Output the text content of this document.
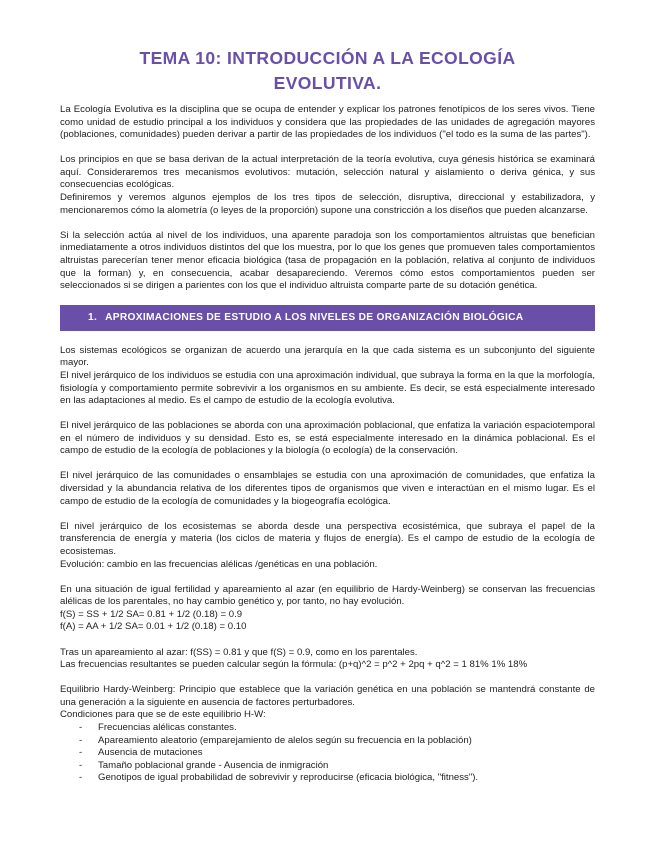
TEMA 10: INTRODUCCIÓN A LA ECOLOGÍA
EVOLUTIVA.

La Ecología Evolutiva es la disciplina que se ocupa de entender y explicar los patrones fenotípicos de los seres vivos. Tiene como unidad de estudio principal a los individuos y considera que las propiedades de las unidades de agregación mayores (poblaciones, comunidades) pueden derivar a partir de las propiedades de los individuos ("el todo es la suma de las partes").

Los principios en que se basa derivan de la actual interpretación de la teoría evolutiva, cuya génesis histórica se examinará aquí. Consideraremos tres mecanismos evolutivos: mutación, selección natural y aislamiento o deriva génica, y sus consecuencias ecológicas.

Definiremos y veremos algunos ejemplos de los tres tipos de selección, disruptiva, direccional y estabilizadora, y mencionaremos cómo la alometría (o leyes de la proporción) supone una constricción a los diseños que pueden alcanzarse.

Si la selección actúa al nivel de los individuos, una aparente paradoja son los comportamientos altruistas que benefician inmediatamente a otros individuos distintos del que los muestra, por lo que los genes que promueven tales comportamientos altruistas parecerían tener menor eficacia biológica (tasa de propagación en la población, relativa al conjunto de individuos que la forman) y, en consecuencia, acabar desapareciendo. Veremos cómo estos comportamientos pueden ser seleccionados si se dirigen a parientes con los que el individuo altruista comparte parte de su dotación genética.

1. APROXIMACIONES DE ESTUDIO A LOS NIVELES DE ORGANIZACIÓN BIOLÓGICA

Los sistemas ecológicos se organizan de acuerdo una jerarquía en la que cada sistema es un subconjunto del siguiente mayor.

El nivel jerárquico de los individuos se estudia con una aproximación individual, que subraya la forma en la que la morfología, fisiología y comportamiento permite sobrevivir a los organismos en su ambiente. Es decir, se está especialmente interesado en las adaptaciones al medio. Es el campo de estudio de la ecología evolutiva.

El nivel jerárquico de las poblaciones se aborda con una aproximación poblacional, que enfatiza la variación espaciotemporal en el número de individuos y su densidad. Esto es, se está especialmente interesado en la dinámica poblacional. Es el campo de estudio de la ecología de poblaciones y la biología (o ecología) de la conservación.

El nivel jerárquico de las comunidades o ensamblajes se estudia con una aproximación de comunidades, que enfatiza la diversidad y la abundancia relativa de los diferentes tipos de organismos que viven e interactúan en el mismo lugar. Es el campo de estudio de la ecología de comunidades y la biogeografía ecológica.

El nivel jerárquico de los ecosistemas se aborda desde una perspectiva ecosistémica, que subraya el papel de la transferencia de energía y materia (los ciclos de materia y flujos de energía). Es el campo de estudio de la ecología de ecosistemas.

Evolución: cambio en las frecuencias alélicas /genéticas en una población.

En una situación de igual fertilidad y apareamiento al azar (en equilibrio de Hardy-Weinberg) se conservan las frecuencias alélicas de los parentales, no hay cambio genético y, por tanto, no hay evolución.

f(S) = SS + 1/2 SA= 0.81 + 1/2 (0.18) = 0.9

f(A) = AA + 1/2 SA= 0.01 + 1/2 (0.18) = 0.10

Tras un apareamiento al azar: f(SS) = 0.81 y que f(S) = 0.9, como en los parentales.

Las frecuencias resultantes se pueden calcular según la fórmula: (p+q)^2 = p^2 + 2pq + q^2 = 1 81% 1% 18%

Equilibrio Hardy-Weinberg: Principio que establece que la variación genética en una población se mantendrá constante de una generación a la siguiente en ausencia de factores perturbadores.

Condiciones para que se de este equilibrio H-W:

- Frecuencias alélicas constantes.
- Apareamiento aleatorio (emparejamiento de alelos según su frecuencia en la población)
- Ausencia de mutaciones
- Tamaño poblacional grande - Ausencia de inmigración
- Genotipos de igual probabilidad de sobrevivir y reproducirse (eficacia biológica, "fitness").
